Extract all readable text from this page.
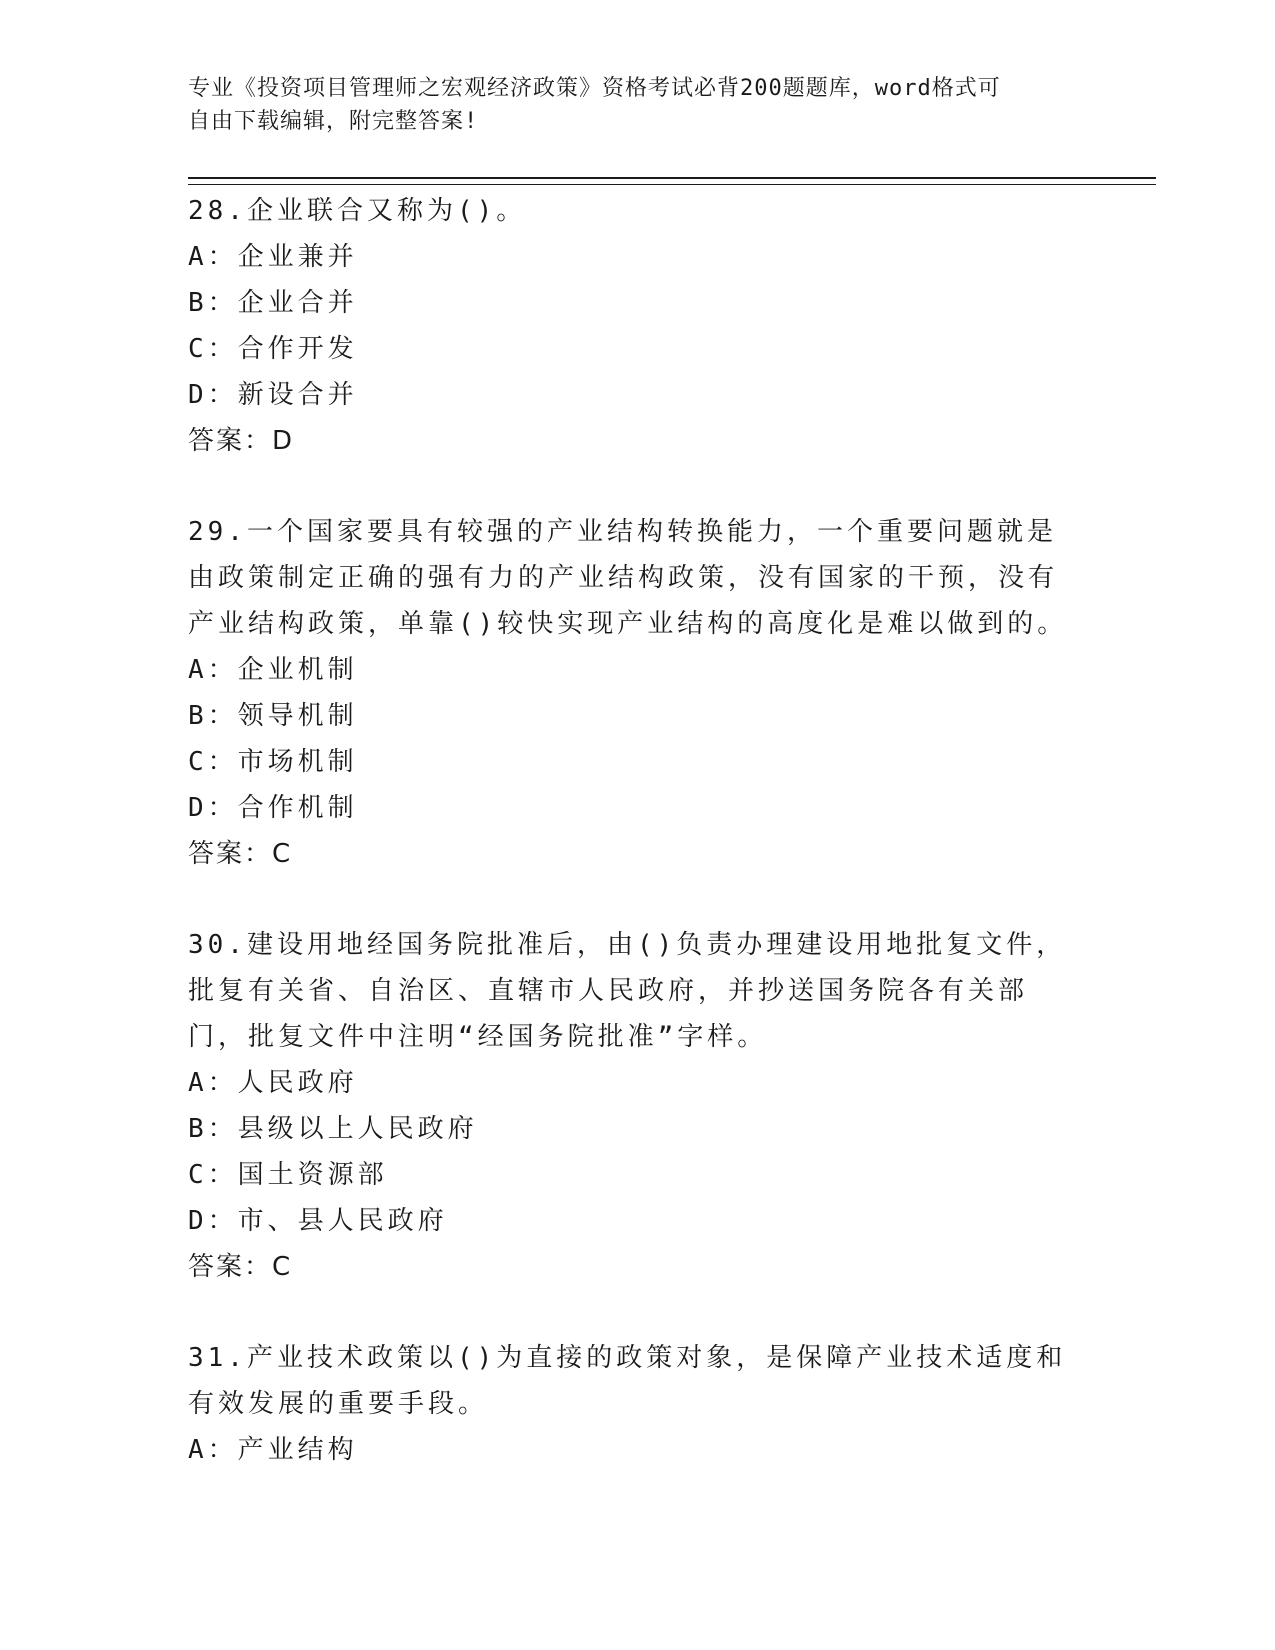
专业《投资项目管理师之宏观经济政策》资格考试必背200题题库，word格式可
自由下载编辑，附完整答案!
28.企业联合又称为()。
A：企业兼并
B：企业合并
C：合作开发
D：新设合并
答案：D
29.一个国家要具有较强的产业结构转换能力，一个重要问题就是由政策制定正确的强有力的产业结构政策，没有国家的干预，没有产业结构政策，单靠()较快实现产业结构的高度化是难以做到的。
A：企业机制
B：领导机制
C：市场机制
D：合作机制
答案：C
30.建设用地经国务院批准后，由()负责办理建设用地批复文件，批复有关省、自治区、直辖市人民政府，并抄送国务院各有关部门，批复文件中注明“经国务院批准”字样。
A：人民政府
B：县级以上人民政府
C：国土资源部
D：市、县人民政府
答案：C
31.产业技术政策以()为直接的政策对象，是保障产业技术适度和有效发展的重要手段。
A：产业结构
